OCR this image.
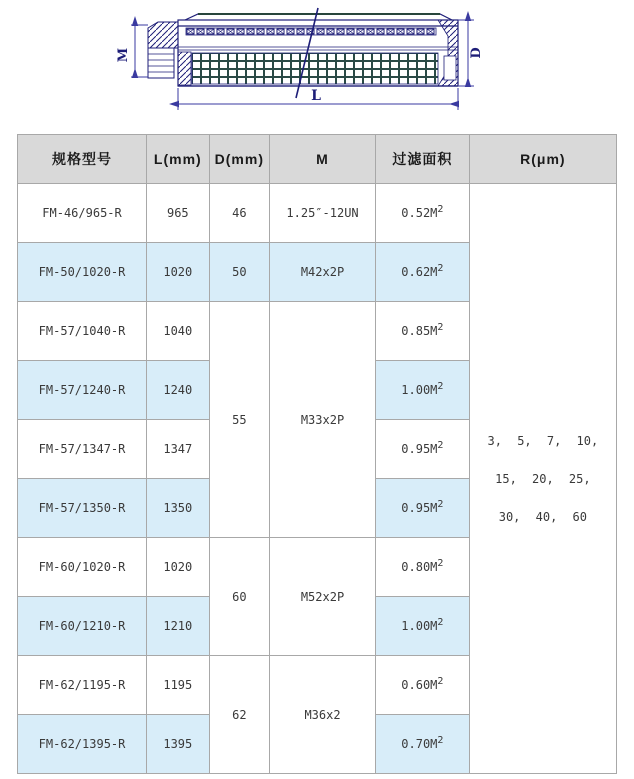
M	D
L
规格型号	L(mm)	D(mm)	M	过滤面积	R(μm)
FM-46/965-R	965	46	1.25″-12UN	$0.52M^2$	3, 5, 7, 10,
15, 20, 25,
30, 40, 60

FM-50/1020-R	1020	50	M42x2P	$0.62M^2$
FM-57/1040-R	1040	55	M33x2P	$0.85M^2$
FM-57/1240-R	1240			$1.00M^2$
FM-57/1347-R	1347			$0.95M^2$
FM-57/1350-R	1350			$0.95M^2$
FM-60/1020-R	1020	60	M52x2P	$0.80M^2$
FM-60/1210-R	1210			$1.00M^2$
FM-62/1195-R	1195	62	M36x2	$0.60M^2$
FM-62/1395-R	1395			$0.70M^2$
